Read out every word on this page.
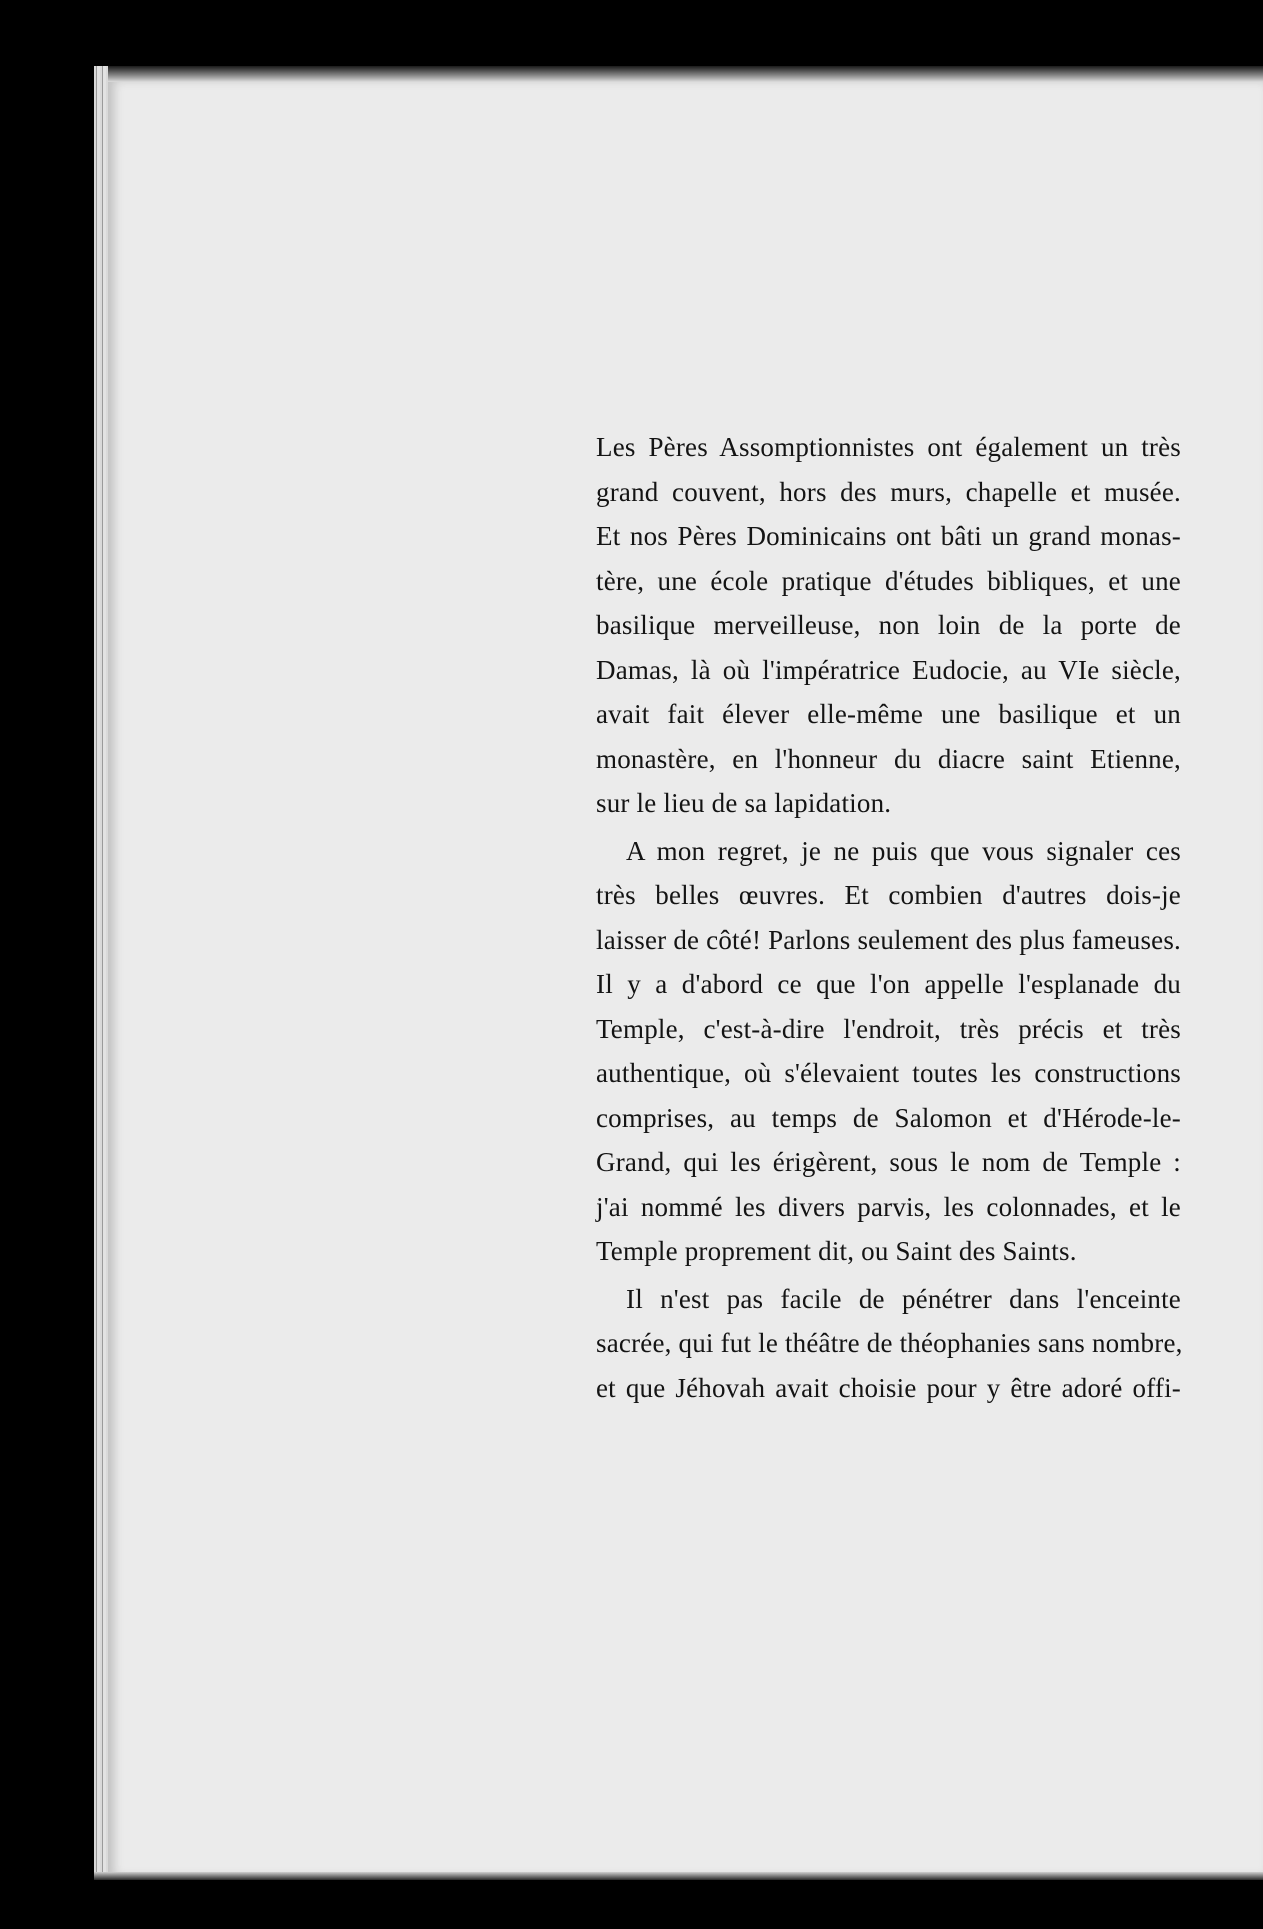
Les Pères Assomptionnistes ont également un très
grand couvent, hors des murs, chapelle et musée.
Et nos Pères Dominicains ont bâti un grand monas-
tère, une école pratique d'études bibliques, et une
basilique merveilleuse, non loin de la porte de
Damas, là où l'impératrice Eudocie, au VIe siècle,
avait fait élever elle-même une basilique et un
monastère, en l'honneur du diacre saint Etienne,
sur le lieu de sa lapidation.
A mon regret, je ne puis que vous signaler ces
très belles œuvres. Et combien d'autres dois-je
laisser de côté! Parlons seulement des plus fameuses.
Il y a d'abord ce que l'on appelle l'esplanade du
Temple, c'est-à-dire l'endroit, très précis et très
authentique, où s'élevaient toutes les constructions
comprises, au temps de Salomon et d'Hérode-le-
Grand, qui les érigèrent, sous le nom de Temple :
j'ai nommé les divers parvis, les colonnades, et le
Temple proprement dit, ou Saint des Saints.
Il n'est pas facile de pénétrer dans l'enceinte
sacrée, qui fut le théâtre de théophanies sans nombre,
et que Jéhovah avait choisie pour y être adoré offi-
